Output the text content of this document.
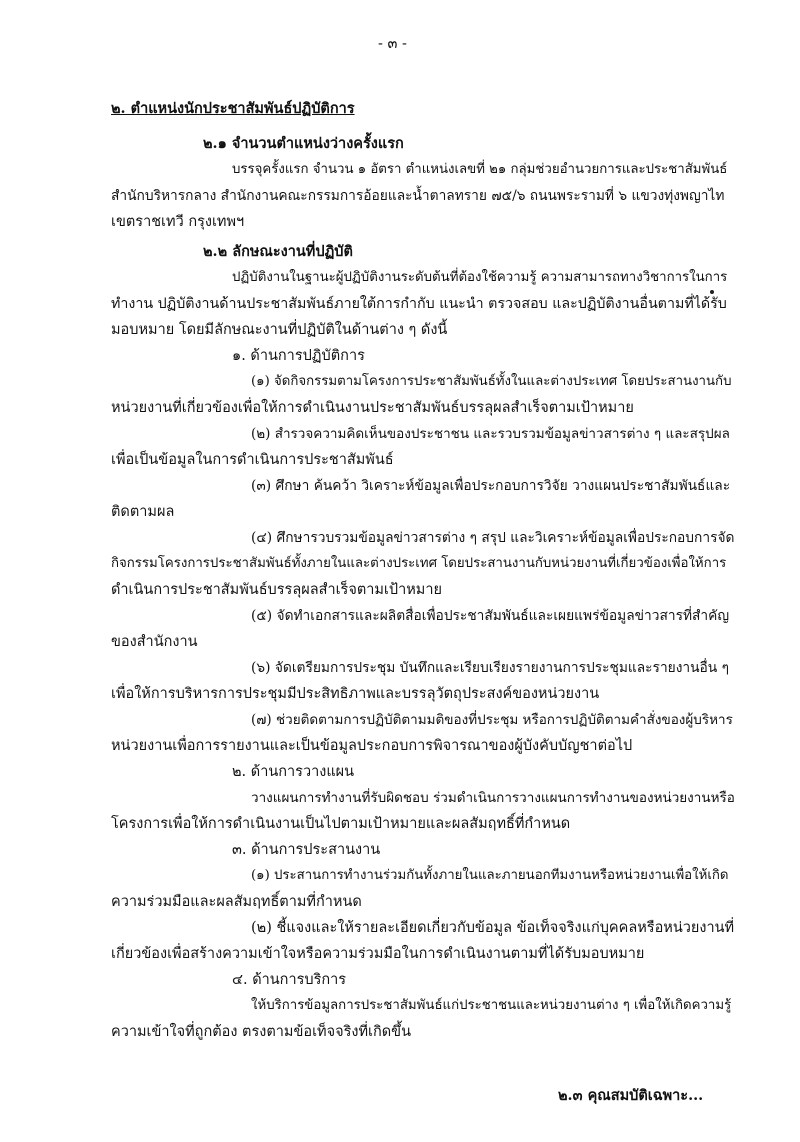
- ๓ -
๒. ตำแหน่งนักประชาสัมพันธ์ปฏิบัติการ
๒.๑ จำนวนตำแหน่งว่างครั้งแรก
บรรจุครั้งแรก จำนวน ๑ อัตรา ตำแหน่งเลขที่ ๒๑ กลุ่มช่วยอำนวยการและประชาสัมพันธ์
สำนักบริหารกลาง สำนักงานคณะกรรมการอ้อยและน้ำตาลทราย ๗๕/๖ ถนนพระรามที่ ๖ แขวงทุ่งพญาไท
เขตราชเทวี กรุงเทพฯ
๒.๒ ลักษณะงานที่ปฏิบัติ
ปฏิบัติงานในฐานะผู้ปฏิบัติงานระดับต้นที่ต้องใช้ความรู้ ความสามารถทางวิชาการในการ
ทำงาน ปฏิบัติงานด้านประชาสัมพันธ์ภายใต้การกำกับ แนะนำ ตรวจสอบ และปฏิบัติงานอื่นตามที่ได้รับ
มอบหมาย โดยมีลักษณะงานที่ปฏิบัติในด้านต่าง ๆ ดังนี้
๑. ด้านการปฏิบัติการ
(๑) จัดกิจกรรมตามโครงการประชาสัมพันธ์ทั้งในและต่างประเทศ โดยประสานงานกับ
หน่วยงานที่เกี่ยวข้องเพื่อให้การดำเนินงานประชาสัมพันธ์บรรลุผลสำเร็จตามเป้าหมาย
(๒) สำรวจความคิดเห็นของประชาชน และรวบรวมข้อมูลข่าวสารต่าง ๆ และสรุปผล
เพื่อเป็นข้อมูลในการดำเนินการประชาสัมพันธ์
(๓) ศึกษา ค้นคว้า วิเคราะห์ข้อมูลเพื่อประกอบการวิจัย วางแผนประชาสัมพันธ์และ
ติดตามผล
(๔) ศึกษารวบรวมข้อมูลข่าวสารต่าง ๆ สรุป และวิเคราะห์ข้อมูลเพื่อประกอบการจัด
กิจกรรมโครงการประชาสัมพันธ์ทั้งภายในและต่างประเทศ โดยประสานงานกับหน่วยงานที่เกี่ยวข้องเพื่อให้การ
ดำเนินการประชาสัมพันธ์บรรลุผลสำเร็จตามเป้าหมาย
(๕) จัดทำเอกสารและผลิตสื่อเพื่อประชาสัมพันธ์และเผยแพร่ข้อมูลข่าวสารที่สำคัญ
ของสำนักงาน
(๖) จัดเตรียมการประชุม บันทึกและเรียบเรียงรายงานการประชุมและรายงานอื่น ๆ
เพื่อให้การบริหารการประชุมมีประสิทธิภาพและบรรลุวัตถุประสงค์ของหน่วยงาน
(๗) ช่วยติดตามการปฏิบัติตามมติของที่ประชุม หรือการปฏิบัติตามคำสั่งของผู้บริหาร
หน่วยงานเพื่อการรายงานและเป็นข้อมูลประกอบการพิจารณาของผู้บังคับบัญชาต่อไป
๒. ด้านการวางแผน
วางแผนการทำงานที่รับผิดชอบ ร่วมดำเนินการวางแผนการทำงานของหน่วยงานหรือ
โครงการเพื่อให้การดำเนินงานเป็นไปตามเป้าหมายและผลสัมฤทธิ์ที่กำหนด
๓. ด้านการประสานงาน
(๑) ประสานการทำงานร่วมกันทั้งภายในและภายนอกทีมงานหรือหน่วยงานเพื่อให้เกิด
ความร่วมมือและผลสัมฤทธิ์ตามที่กำหนด
(๒) ชี้แจงและให้รายละเอียดเกี่ยวกับข้อมูล ข้อเท็จจริงแก่บุคคลหรือหน่วยงานที่
เกี่ยวข้องเพื่อสร้างความเข้าใจหรือความร่วมมือในการดำเนินงานตามที่ได้รับมอบหมาย
๔. ด้านการบริการ
ให้บริการข้อมูลการประชาสัมพันธ์แก่ประชาชนและหน่วยงานต่าง ๆ เพื่อให้เกิดความรู้
ความเข้าใจที่ถูกต้อง ตรงตามข้อเท็จจริงที่เกิดขึ้น
๒.๓ คุณสมบัติเฉพาะ...
